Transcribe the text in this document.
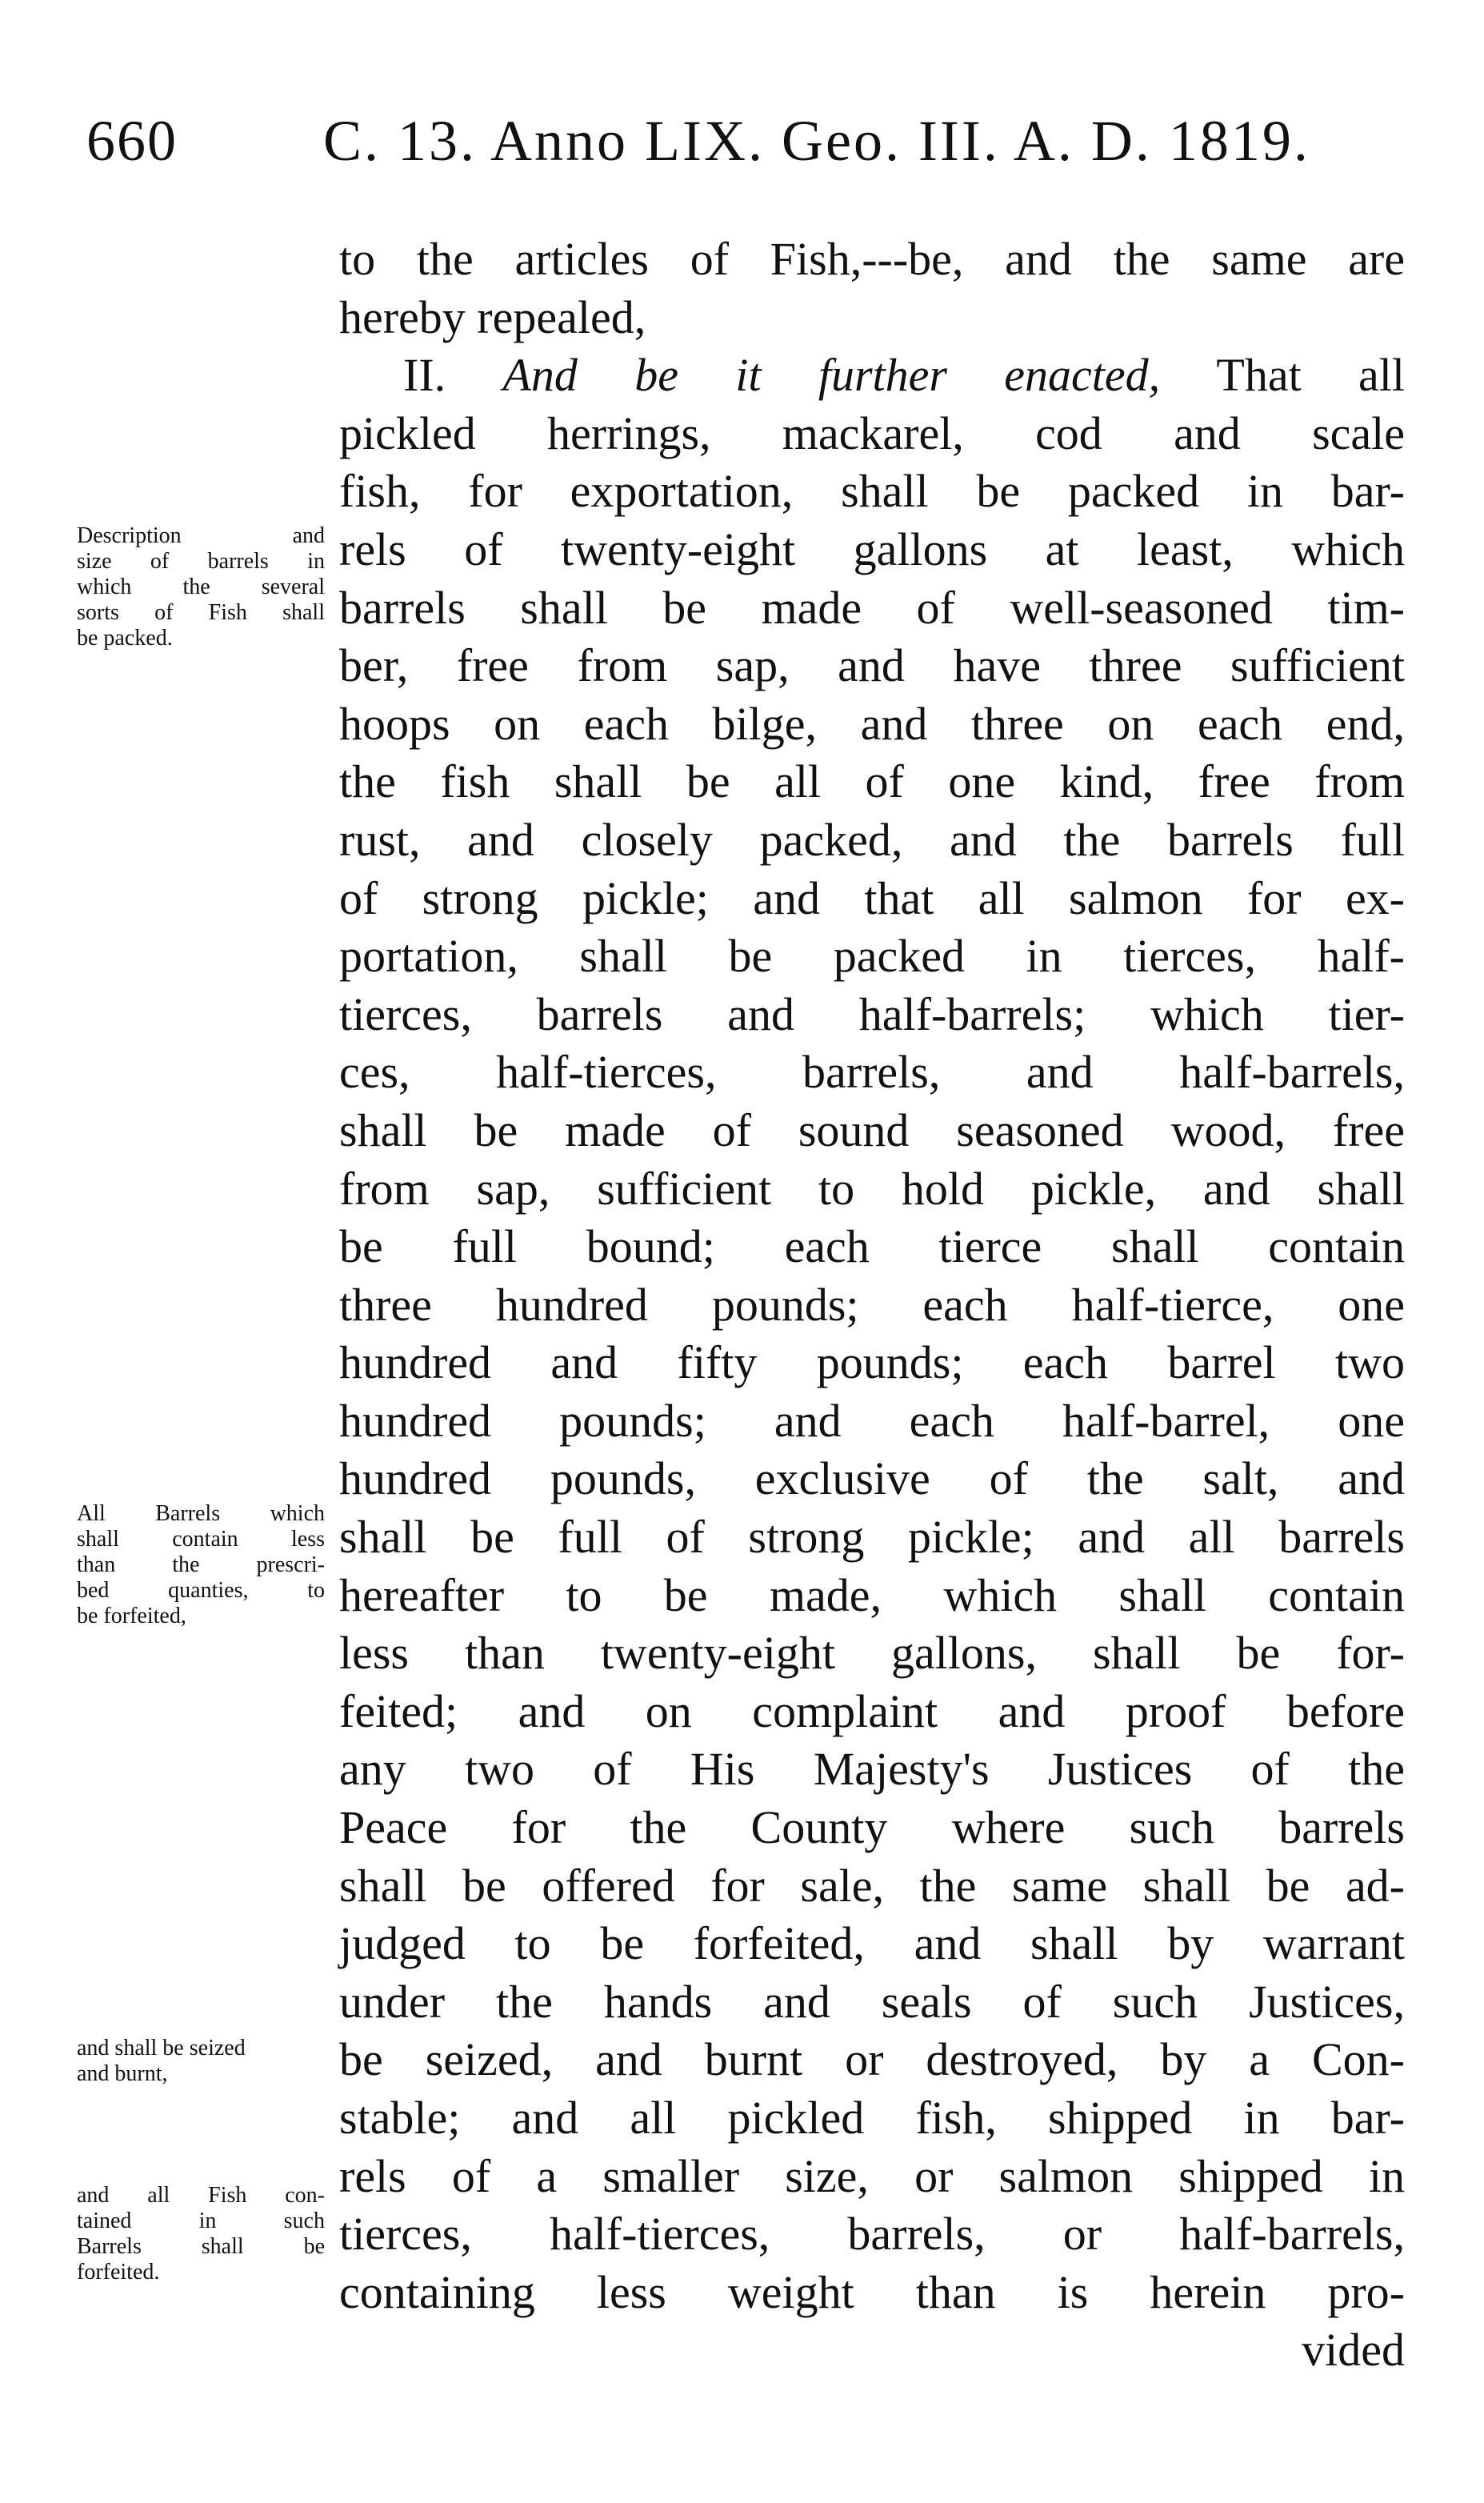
660	C. 13. Anno LIX. Geo. III. A. D. 1819.
to the articles of Fish,---be, and the same are
hereby repealed,
II. And be it further enacted, That all
pickled herrings, mackarel, cod and scale
fish, for exportation, shall be packed in bar-
rels of twenty-eight gallons at least, which
barrels shall be made of well-seasoned tim-
ber, free from sap, and have three sufficient
hoops on each bilge, and three on each end,
the fish shall be all of one kind, free from
rust, and closely packed, and the barrels full
of strong pickle; and that all salmon for ex-
portation, shall be packed in tierces, half-
tierces, barrels and half-barrels; which tier-
ces, half-tierces, barrels, and half-barrels,
shall be made of sound seasoned wood, free
from sap, sufficient to hold pickle, and shall
be full bound; each tierce shall contain
three hundred pounds; each half-tierce, one
hundred and fifty pounds; each barrel two
hundred pounds; and each half-barrel, one
hundred pounds, exclusive of the salt, and
shall be full of strong pickle; and all barrels
hereafter to be made, which shall contain
less than twenty-eight gallons, shall be for-
feited; and on complaint and proof before
any two of His Majesty's Justices of the
Peace for the County where such barrels
shall be offered for sale, the same shall be ad-
judged to be forfeited, and shall by warrant
under the hands and seals of such Justices,
be seized, and burnt or destroyed, by a Con-
stable; and all pickled fish, shipped in bar-
rels of a smaller size, or salmon shipped in
tierces, half-tierces, barrels, or half-barrels,
containing less weight than is herein pro-
vided
Description and
size of barrels in
which the several
sorts of Fish shall
be packed.
All Barrels which
shall contain less
than the prescri-
bed quanties, to
be forfeited,
and shall be seized
and burnt,
and all Fish con-
tained in such
Barrels shall be
forfeited.
